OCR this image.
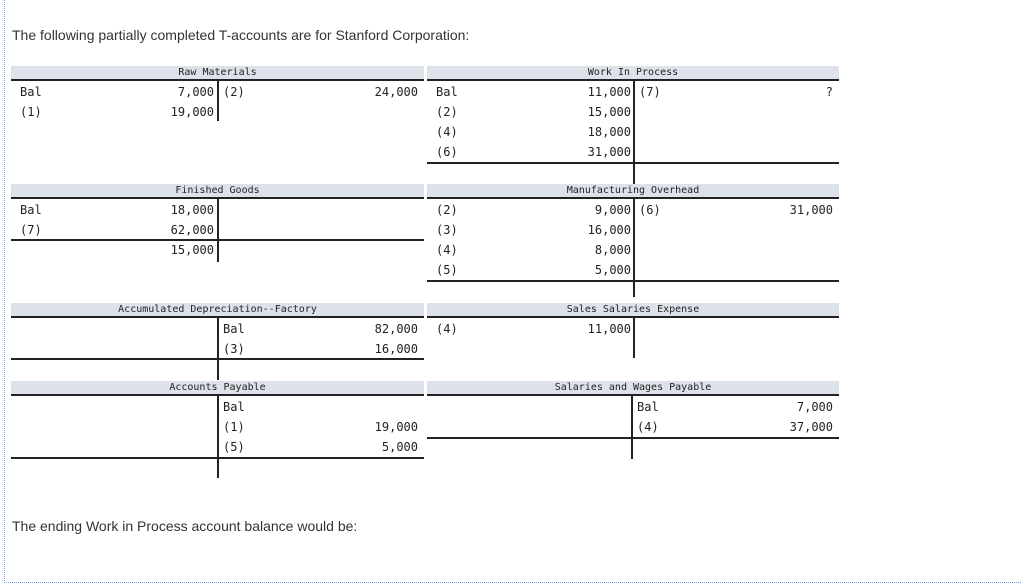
The following partially completed T-accounts are for Stanford Corporation:
Raw Materials
Bal	7,000 (2)	24,000
(1)	19,000
Work In Process
Bal	11,000 (7)	?
(2)	15,000
(4)	18,000
(6)	31,000
Finished Goods
Bal	18,000
(7)	62,000
15,000
Manufacturing Overhead
(2)	9,000 (6)	31,000
(3)	16,000
(4)	8,000
(5)	5,000
Accumulated Depreciation--Factory
Bal	82,000
(3)	16,000
Sales Salaries Expense
(4)	11,000
Accounts Payable
Bal
(1)	19,000
(5)	5,000
Salaries and Wages Payable
Bal	7,000
(4)	37,000
The ending Work in Process account balance would be:
